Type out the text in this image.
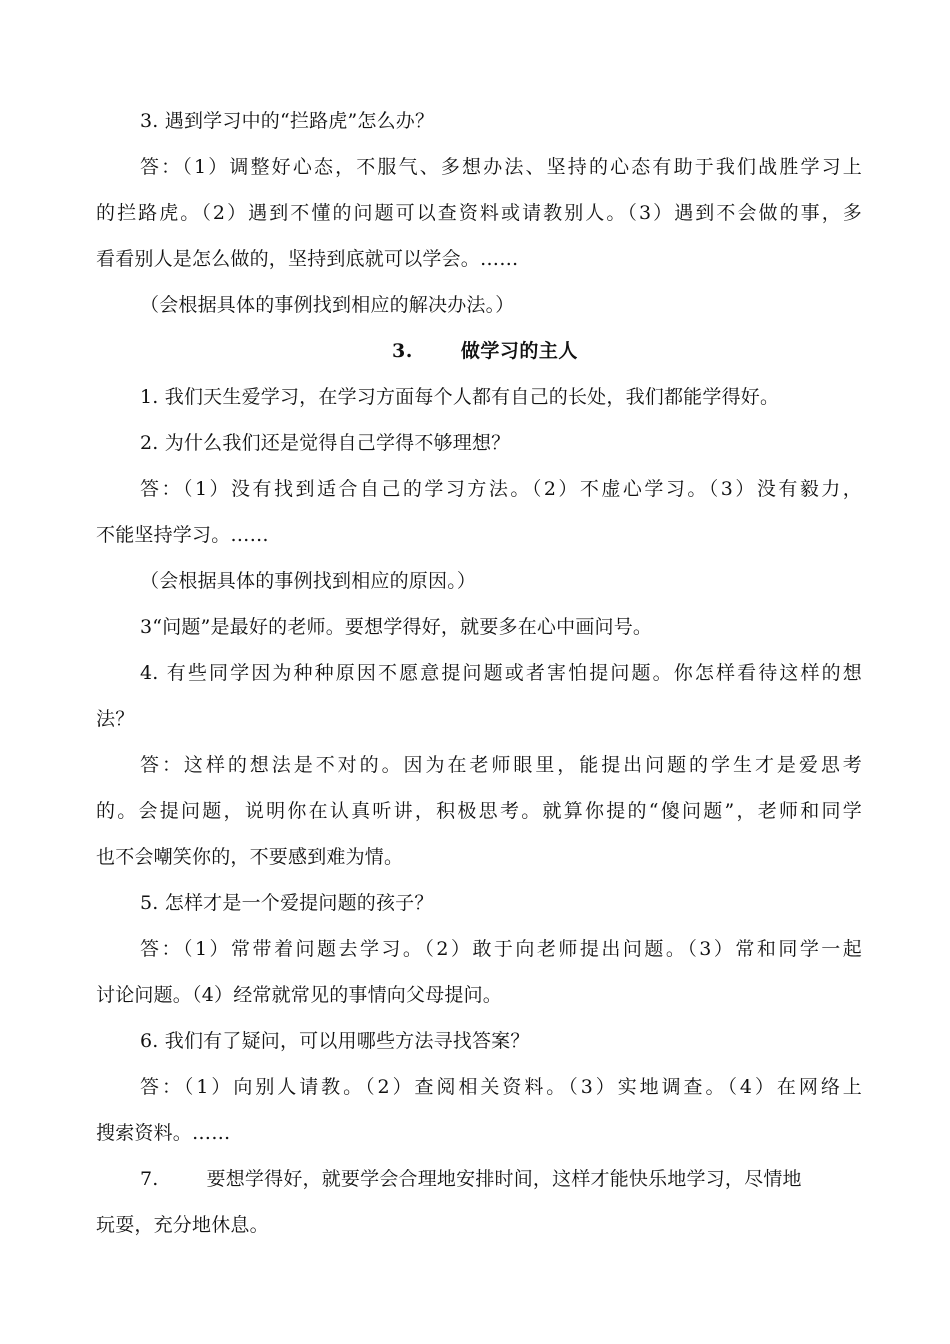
3. 遇到学习中的“拦路虎”怎么办？
答：（1）调整好心态，不服气、多想办法、坚持的心态有助于我们战胜学习上
的拦路虎。（2）遇到不懂的问题可以查资料或请教别人。（3）遇到不会做的事，多
看看别人是怎么做的，坚持到底就可以学会。……
（会根据具体的事例找到相应的解决办法。）
3.	做学习的主人
1. 我们天生爱学习，在学习方面每个人都有自己的长处，我们都能学得好。
2. 为什么我们还是觉得自己学得不够理想？
答：（1）没有找到适合自己的学习方法。（2）不虚心学习。（3）没有毅力，
不能坚持学习。……
（会根据具体的事例找到相应的原因。）
3“问题”是最好的老师。要想学得好，就要多在心中画问号。
4. 有些同学因为种种原因不愿意提问题或者害怕提问题。你怎样看待这样的想
法？
答：这样的想法是不对的。因为在老师眼里，能提出问题的学生才是爱思考
的。会提问题，说明你在认真听讲，积极思考。就算你提的“傻问题”，老师和同学
也不会嘲笑你的，不要感到难为情。
5. 怎样才是一个爱提问题的孩子？
答：（1）常带着问题去学习。（2）敢于向老师提出问题。（3）常和同学一起
讨论问题。（4）经常就常见的事情向父母提问。
6. 我们有了疑问，可以用哪些方法寻找答案？
答：（1）向别人请教。（2）查阅相关资料。（3）实地调查。（4）在网络上
搜索资料。……
7.	要想学得好，就要学会合理地安排时间，这样才能快乐地学习，尽情地
玩耍，充分地休息。
